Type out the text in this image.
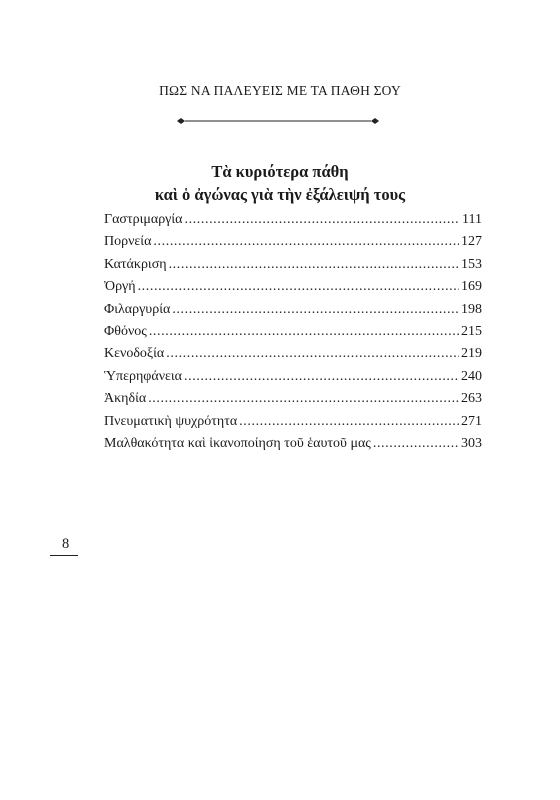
ΠΩΣ ΝΑ ΠΑΛΕΥΕΙΣ ΜΕ ΤΑ ΠΑΘΗ ΣΟΥ
Τὰ κυριότερα πάθη
καὶ ὁ ἀγώνας γιὰ τὴν ἐξάλειψή τους
Γαστριμαργία .....	111
Πορνεία .....	127
Κατάκριση .....	153
Ὀργή .....	169
Φιλαργυρία .....	198
Φθόνος .....	215
Κενοδοξία .....	219
Ὑπερηφάνεια .....	240
Ἀκηδία .....	263
Πνευματικὴ ψυχρότητα .....	271
Μαλθακότητα καὶ ἱκανοποίηση τοῦ ἑαυτοῦ μας .....	303
8
